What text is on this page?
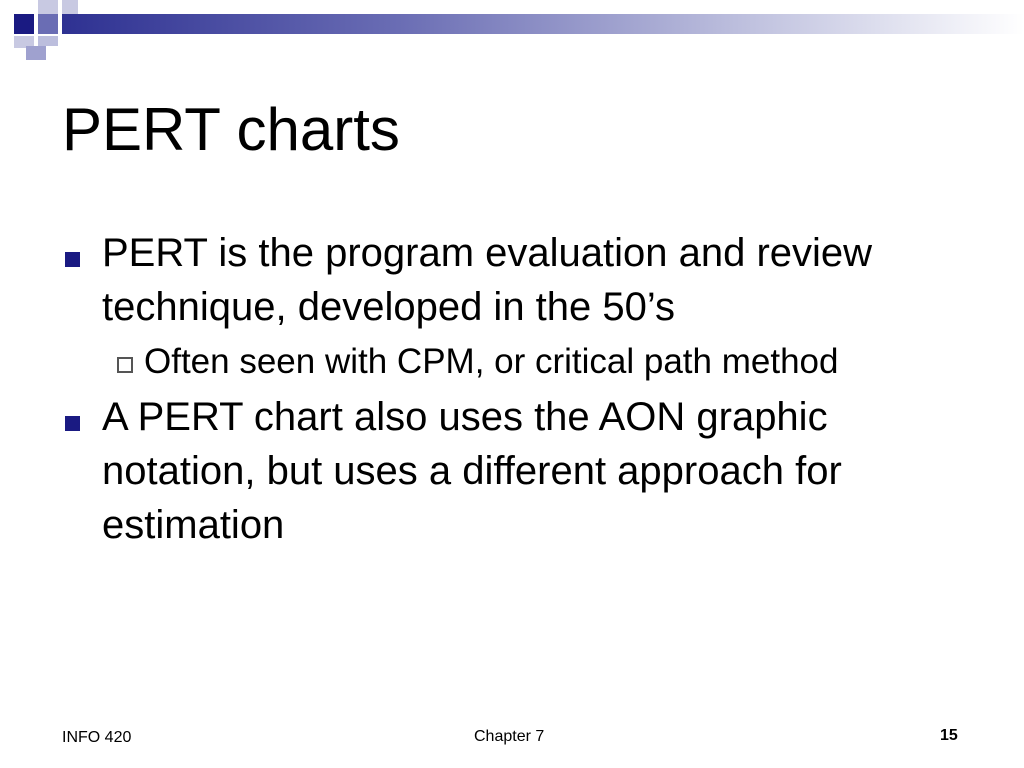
PERT charts
PERT is the program evaluation and review technique, developed in the 50’s
Often seen with CPM, or critical path method
A PERT chart also uses the AON graphic notation, but uses a different approach for estimation
INFO 420	Chapter 7	15
